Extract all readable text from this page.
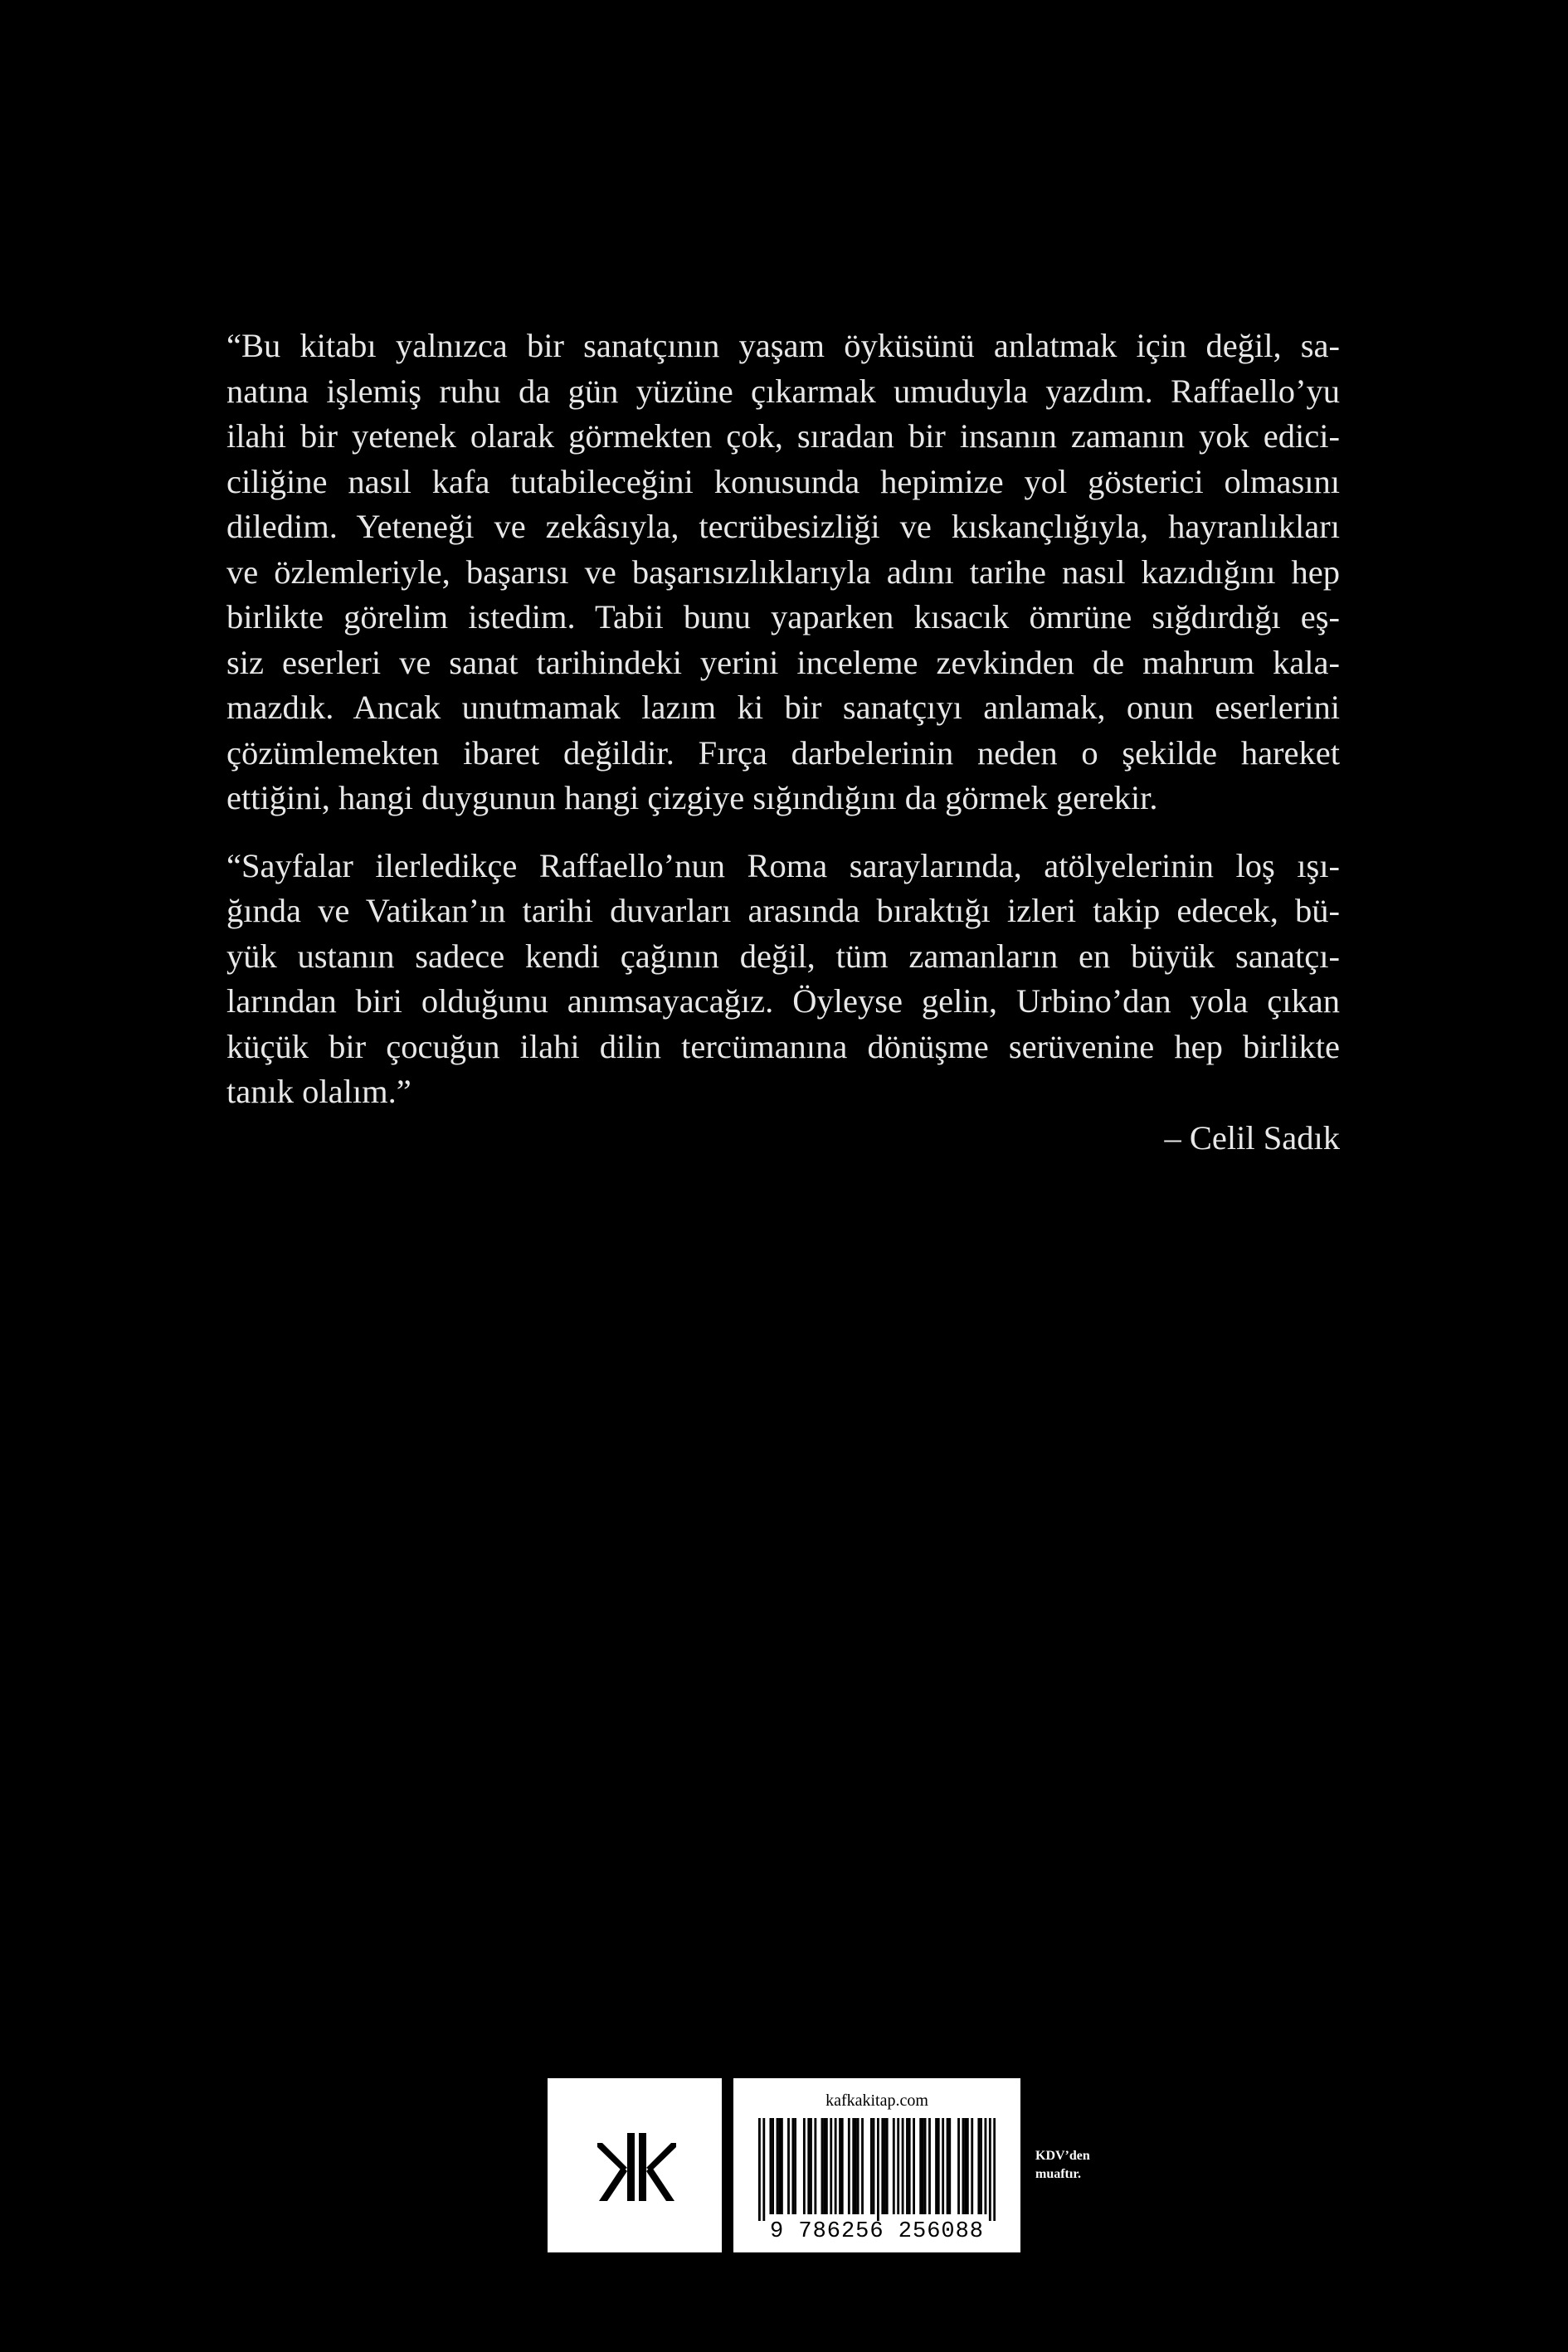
“Bu kitabı yalnızca bir sanatçının yaşam öyküsünü anlatmak için değil, sa-
natına işlemiş ruhu da gün yüzüne çıkarmak umuduyla yazdım. Raffaello’yu
ilahi bir yetenek olarak görmekten çok, sıradan bir insanın zamanın yok edici-
ciliğine nasıl kafa tutabileceğini konusunda hepimize yol gösterici olmasını
diledim. Yeteneği ve zekâsıyla, tecrübesizliği ve kıskançlığıyla, hayranlıkları
ve özlemleriyle, başarısı ve başarısızlıklarıyla adını tarihe nasıl kazıdığını hep
birlikte görelim istedim. Tabii bunu yaparken kısacık ömrüne sığdırdığı eş-
siz eserleri ve sanat tarihindeki yerini inceleme zevkinden de mahrum kala-
mazdık. Ancak unutmamak lazım ki bir sanatçıyı anlamak, onun eserlerini
çözümlemekten ibaret değildir. Fırça darbelerinin neden o şekilde hareket
ettiğini, hangi duygunun hangi çizgiye sığındığını da görmek gerekir.

“Sayfalar ilerledikçe Raffaello’nun Roma saraylarında, atölyelerinin loş ışı-
ğında ve Vatikan’ın tarihi duvarları arasında bıraktığı izleri takip edecek, bü-
yük ustanın sadece kendi çağının değil, tüm zamanların en büyük sanatçı-
larından biri olduğunu anımsayacağız. Öyleyse gelin, Urbino’dan yola çıkan
küçük bir çocuğun ilahi dilin tercümanına dönüşme serüvenine hep birlikte
tanık olalım.”

– Celil Sadık
kafkakitap.com
9 786256 256088
KDV’den
muaftır.
